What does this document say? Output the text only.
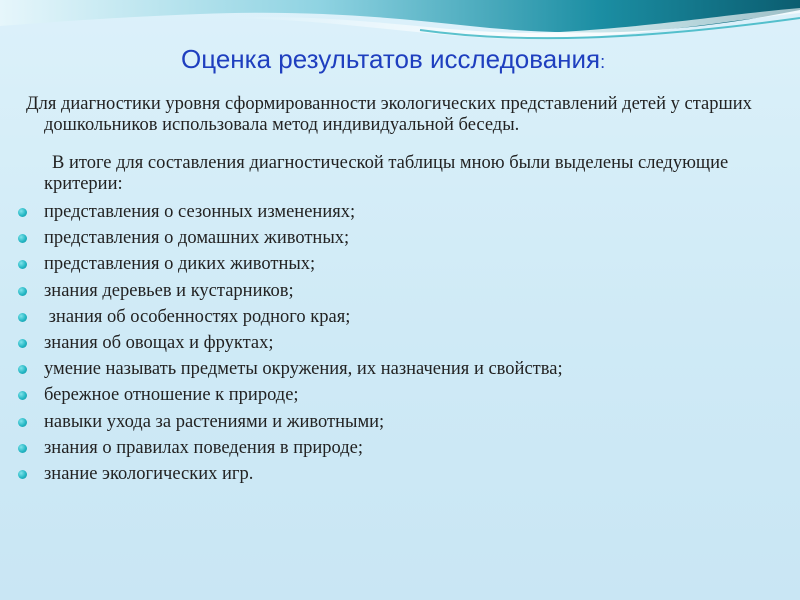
Оценка результатов исследования:

Для диагностики уровня сформированности экологических представлений детей у старших дошкольников использовала метод индивидуальной беседы.

В итоге для составления диагностической таблицы мною были выделены следующие критерии:

представления о сезонных изменениях;
представления о домашних животных;
представления о диких животных;
знания деревьев и кустарников;
знания об особенностях родного края;
знания об овощах и фруктах;
умение называть предметы окружения, их назначения и свойства;
бережное отношение к природе;
навыки ухода за растениями и животными;
знания о правилах поведения в природе;
знание экологических игр.
